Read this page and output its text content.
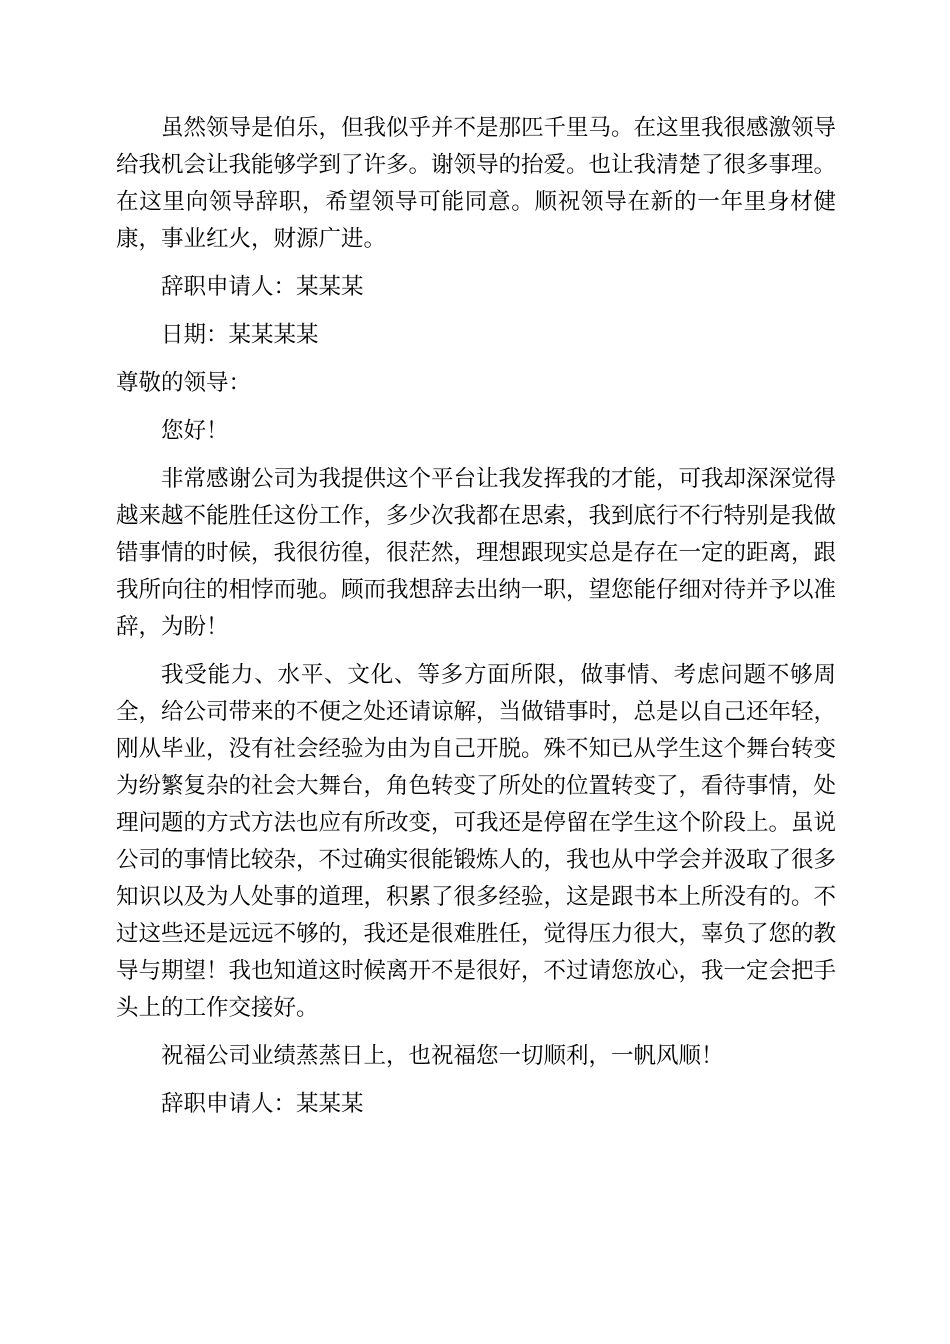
虽然领导是伯乐，但我似乎并不是那匹千里马。在这里我很感激领导给我机会让我能够学到了许多。谢领导的抬爱。也让我清楚了很多事理。在这里向领导辞职，希望领导可能同意。顺祝领导在新的一年里身材健康，事业红火，财源广进。

辞职申请人：某某某

日期：某某某某

尊敬的领导：

您好！

非常感谢公司为我提供这个平台让我发挥我的才能，可我却深深觉得越来越不能胜任这份工作，多少次我都在思索，我到底行不行特别是我做错事情的时候，我很彷徨，很茫然，理想跟现实总是存在一定的距离，跟我所向往的相悖而驰。顾而我想辞去出纳一职，望您能仔细对待并予以准辞，为盼！

我受能力、水平、文化、等多方面所限，做事情、考虑问题不够周全，给公司带来的不便之处还请谅解，当做错事时，总是以自己还年轻，刚从毕业，没有社会经验为由为自己开脱。殊不知已从学生这个舞台转变为纷繁复杂的社会大舞台，角色转变了所处的位置转变了，看待事情，处理问题的方式方法也应有所改变，可我还是停留在学生这个阶段上。虽说公司的事情比较杂，不过确实很能锻炼人的，我也从中学会并汲取了很多知识以及为人处事的道理，积累了很多经验，这是跟书本上所没有的。不过这些还是远远不够的，我还是很难胜任，觉得压力很大，辜负了您的教导与期望！我也知道这时候离开不是很好，不过请您放心，我一定会把手头上的工作交接好。

祝福公司业绩蒸蒸日上，也祝福您一切顺利，一帆风顺！

辞职申请人：某某某
